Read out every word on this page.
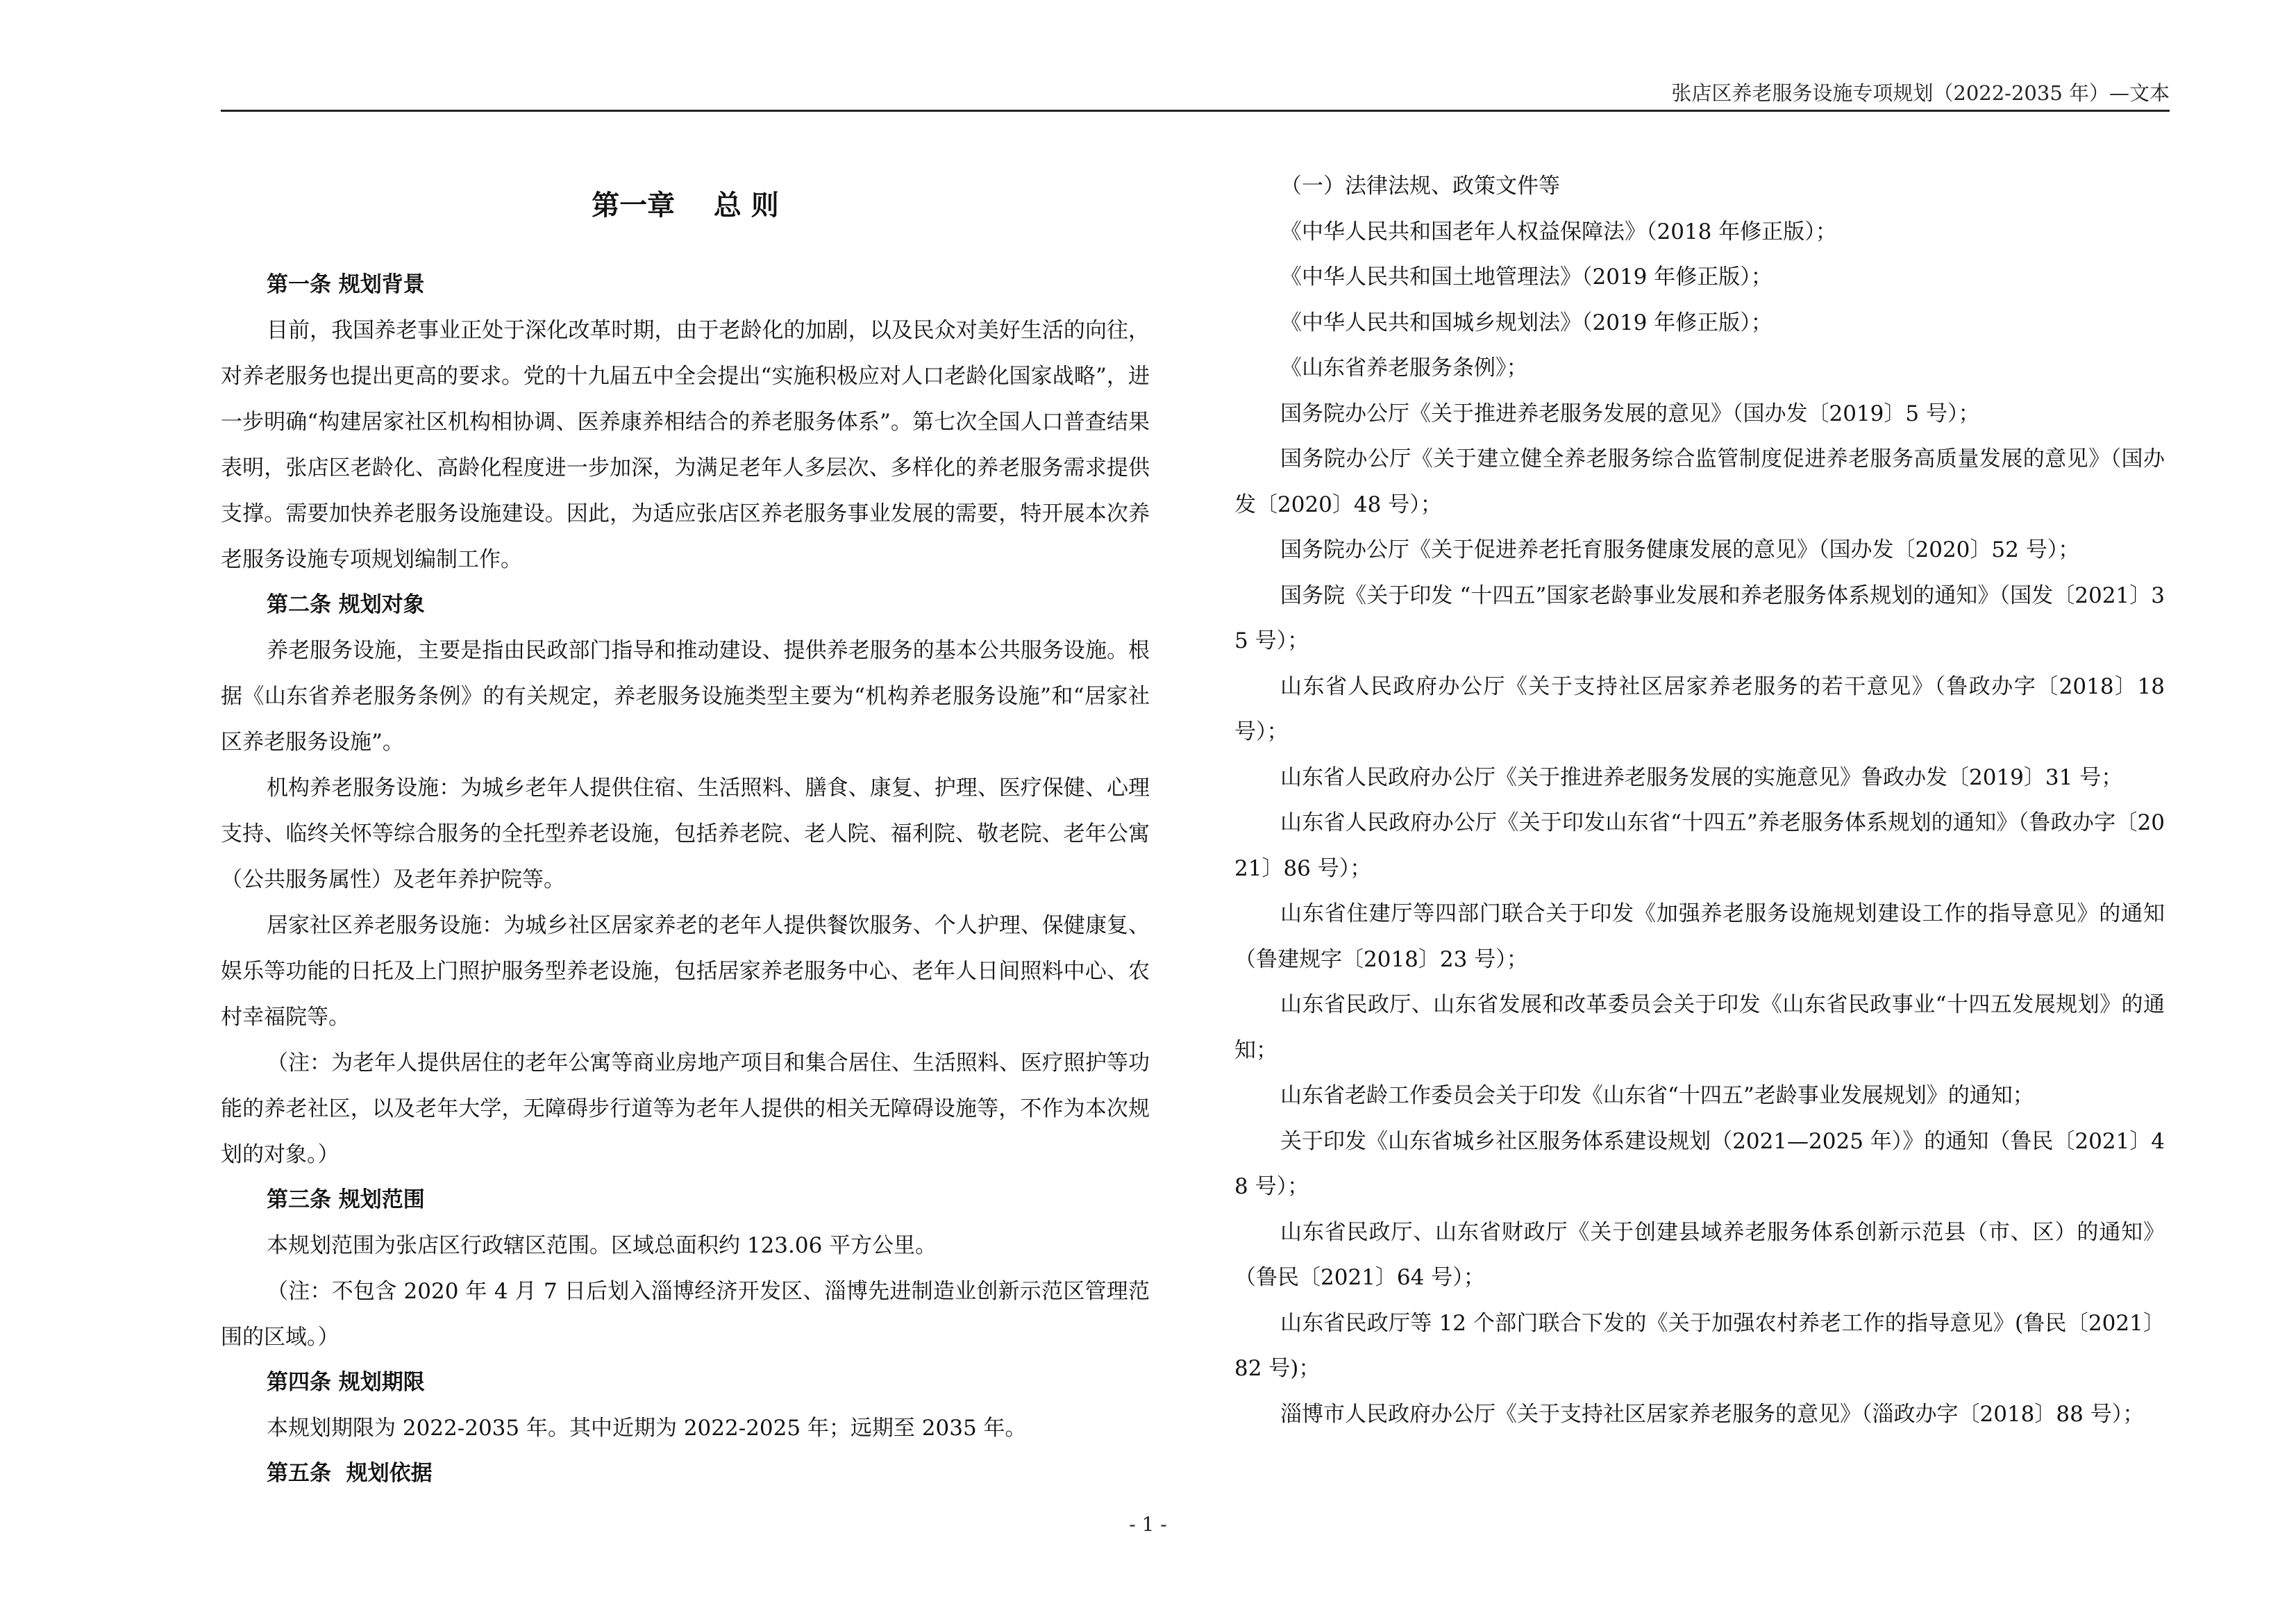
张店区养老服务设施专项规划（2022-2035 年）—文本
第一章    总 则

第一条 规划背景

目前，我国养老事业正处于深化改革时期，由于老龄化的加剧，以及民众对美好生活的向往，对养老服务也提出更高的要求。党的十九届五中全会提出“实施积极应对人口老龄化国家战略”，进一步明确“构建居家社区机构相协调、医养康养相结合的养老服务体系”。第七次全国人口普查结果表明，张店区老龄化、高龄化程度进一步加深，为满足老年人多层次、多样化的养老服务需求提供支撑。需要加快养老服务设施建设。因此，为适应张店区养老服务事业发展的需要，特开展本次养老服务设施专项规划编制工作。

第二条 规划对象

养老服务设施，主要是指由民政部门指导和推动建设、提供养老服务的基本公共服务设施。根据《山东省养老服务条例》的有关规定，养老服务设施类型主要为“机构养老服务设施”和“居家社区养老服务设施”。

机构养老服务设施：为城乡老年人提供住宿、生活照料、膳食、康复、护理、医疗保健、心理支持、临终关怀等综合服务的全托型养老设施，包括养老院、老人院、福利院、敬老院、老年公寓（公共服务属性）及老年养护院等。

居家社区养老服务设施：为城乡社区居家养老的老年人提供餐饮服务、个人护理、保健康复、娱乐等功能的日托及上门照护服务型养老设施，包括居家养老服务中心、老年人日间照料中心、农村幸福院等。

（注：为老年人提供居住的老年公寓等商业房地产项目和集合居住、生活照料、医疗照护等功能的养老社区，以及老年大学，无障碍步行道等为老年人提供的相关无障碍设施等，不作为本次规划的对象。）

第三条 规划范围

本规划范围为张店区行政辖区范围。区域总面积约 123.06 平方公里。

（注：不包含 2020 年 4 月 7 日后划入淄博经济开发区、淄博先进制造业创新示范区管理范围的区域。）

第四条 规划期限

本规划期限为 2022-2035 年。其中近期为 2022-2025 年；远期至 2035 年。

第五条  规划依据

（一）法律法规、政策文件等

《中华人民共和国老年人权益保障法》（2018 年修正版）；

《中华人民共和国土地管理法》（2019 年修正版）；

《中华人民共和国城乡规划法》（2019 年修正版）；

《山东省养老服务条例》；

国务院办公厅《关于推进养老服务发展的意见》（国办发〔2019〕5 号）；

国务院办公厅《关于建立健全养老服务综合监管制度促进养老服务高质量发展的意见》（国办发〔2020〕48 号）；

国务院办公厅《关于促进养老托育服务健康发展的意见》（国办发〔2020〕52 号）；

国务院《关于印发 “十四五”国家老龄事业发展和养老服务体系规划的通知》（国发〔2021〕35 号）；

山东省人民政府办公厅《关于支持社区居家养老服务的若干意见》（鲁政办字〔2018〕18 号）；

山东省人民政府办公厅《关于推进养老服务发展的实施意见》鲁政办发〔2019〕31 号；

山东省人民政府办公厅《关于印发山东省“十四五”养老服务体系规划的通知》（鲁政办字〔2021〕86 号）；

山东省住建厅等四部门联合关于印发《加强养老服务设施规划建设工作的指导意见》的通知（鲁建规字〔2018〕23 号）；

山东省民政厅、山东省发展和改革委员会关于印发《山东省民政事业“十四五发展规划》的通知；

山东省老龄工作委员会关于印发《山东省“十四五”老龄事业发展规划》的通知；

关于印发《山东省城乡社区服务体系建设规划（2021—2025 年）》的通知（鲁民〔2021〕48 号）；

山东省民政厅、山东省财政厅《关于创建县域养老服务体系创新示范县（市、区）的通知》（鲁民〔2021〕64 号）；

山东省民政厅等 12 个部门联合下发的《关于加强农村养老工作的指导意见》(鲁民〔2021〕82 号)；

淄博市人民政府办公厅《关于支持社区居家养老服务的意见》（淄政办字〔2018〕88 号）；

- 1 -
